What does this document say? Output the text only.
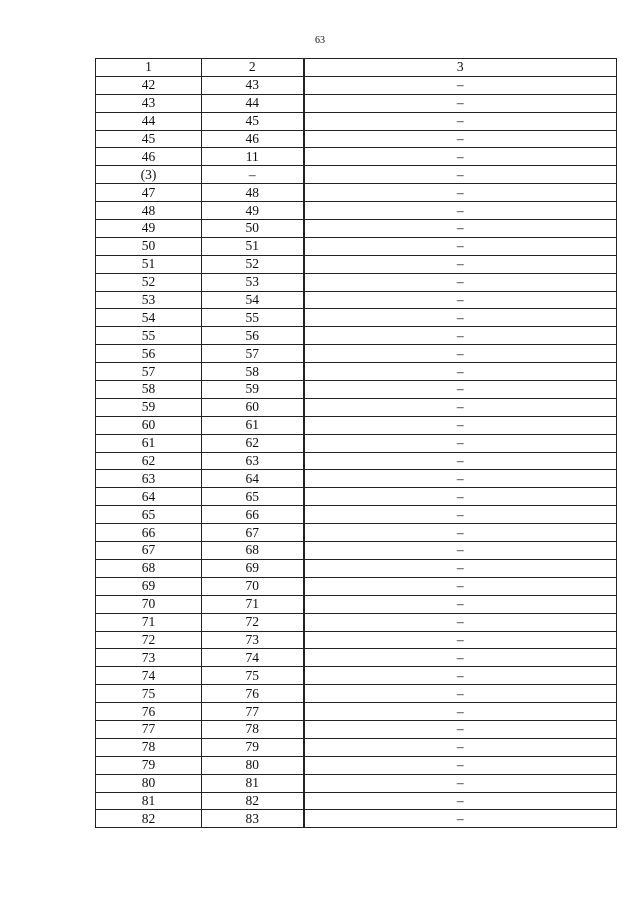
63
1	2	3
42	43	–
43	44	–
44	45	–
45	46	–
46	11	–
(3)	–	–
47	48	–
48	49	–
49	50	–
50	51	–
51	52	–
52	53	–
53	54	–
54	55	–
55	56	–
56	57	–
57	58	–
58	59	–
59	60	–
60	61	–
61	62	–
62	63	–
63	64	–
64	65	–
65	66	–
66	67	–
67	68	–
68	69	–
69	70	–
70	71	–
71	72	–
72	73	–
73	74	–
74	75	–
75	76	–
76	77	–
77	78	–
78	79	–
79	80	–
80	81	–
81	82	–
82	83	–
